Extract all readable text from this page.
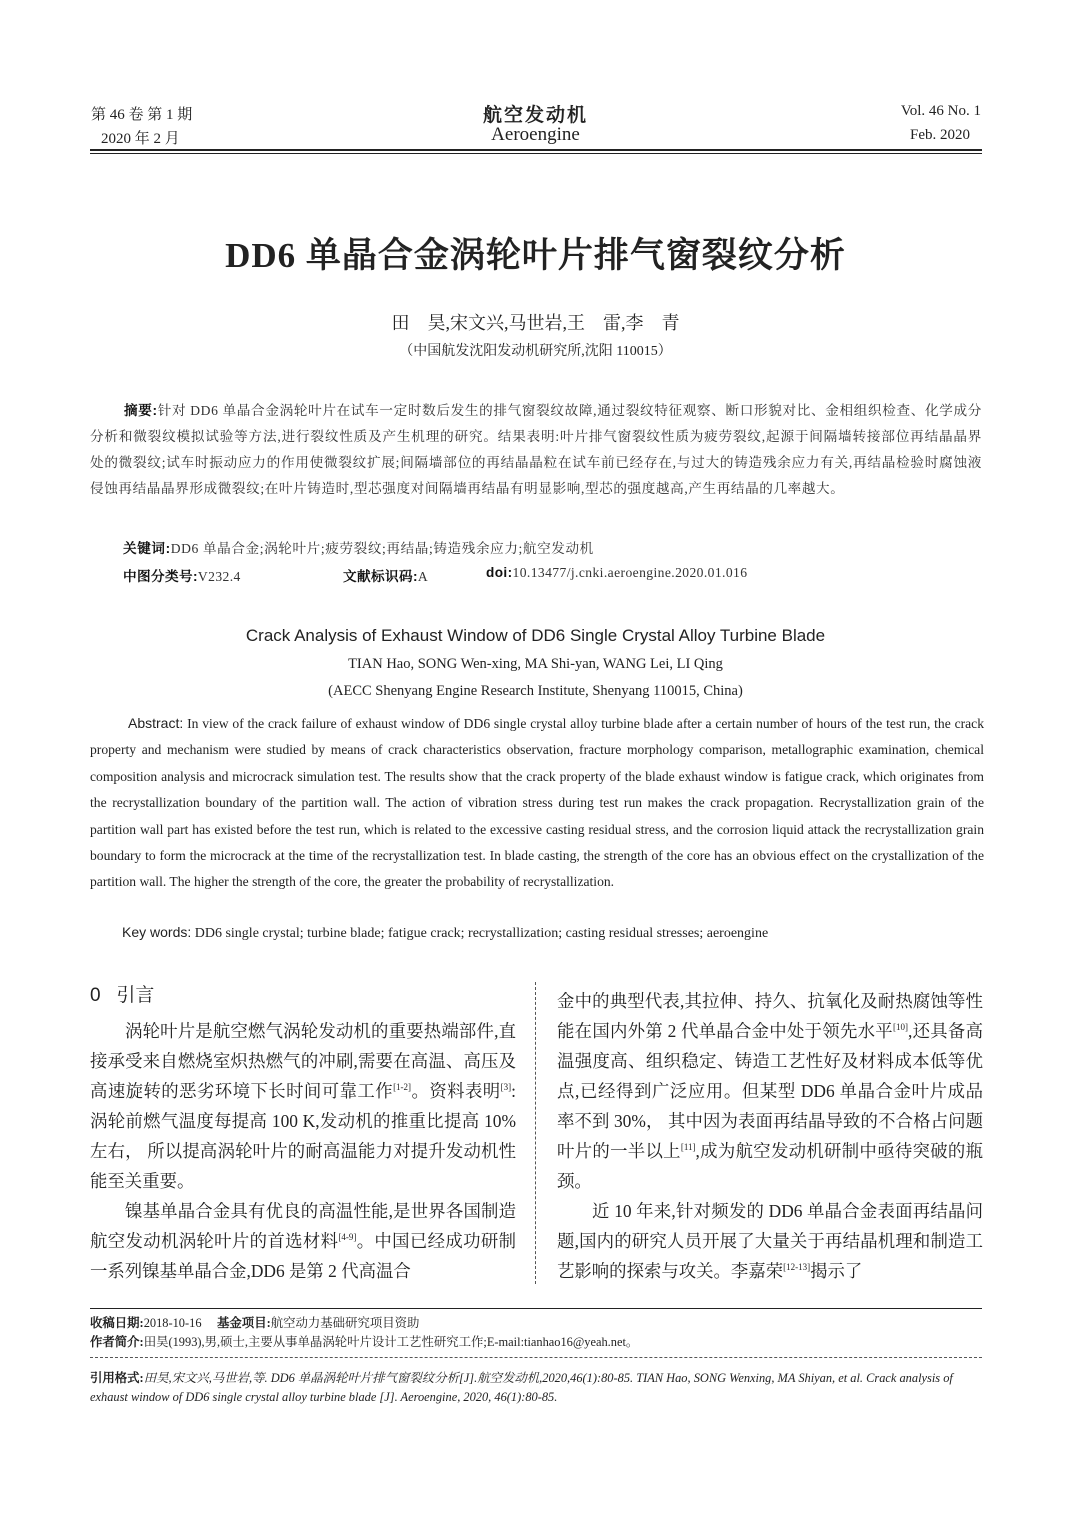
第 46 卷 第 1 期
2020 年 2 月
航空发动机
Aeroengine
Vol. 46 No. 1
Feb. 2020
DD6 单晶合金涡轮叶片排气窗裂纹分析
田　昊,宋文兴,马世岩,王　雷,李　青
（中国航发沈阳发动机研究所,沈阳 110015）
摘要:针对 DD6 单晶合金涡轮叶片在试车一定时数后发生的排气窗裂纹故障,通过裂纹特征观察、断口形貌对比、金相组织检查、化学成分分析和微裂纹模拟试验等方法,进行裂纹性质及产生机理的研究。结果表明:叶片排气窗裂纹性质为疲劳裂纹,起源于间隔墙转接部位再结晶晶界处的微裂纹;试车时振动应力的作用使微裂纹扩展;间隔墙部位的再结晶晶粒在试车前已经存在,与过大的铸造残余应力有关,再结晶检验时腐蚀液侵蚀再结晶晶界形成微裂纹;在叶片铸造时,型芯强度对间隔墙再结晶有明显影响,型芯的强度越高,产生再结晶的几率越大。
关键词:DD6 单晶合金;涡轮叶片;疲劳裂纹;再结晶;铸造残余应力;航空发动机
中图分类号:V232.4	文献标识码:A	doi:10.13477/j.cnki.aeroengine.2020.01.016
Crack Analysis of Exhaust Window of DD6 Single Crystal Alloy Turbine Blade
TIAN Hao, SONG Wen-xing, MA Shi-yan, WANG Lei, LI Qing
(AECC Shenyang Engine Research Institute, Shenyang 110015, China)
Abstract: In view of the crack failure of exhaust window of DD6 single crystal alloy turbine blade after a certain number of hours of the test run, the crack property and mechanism were studied by means of crack characteristics observation, fracture morphology comparison, metallographic examination, chemical composition analysis and microcrack simulation test. The results show that the crack property of the blade exhaust window is fatigue crack, which originates from the recrystallization boundary of the partition wall. The action of vibration stress during test run makes the crack propagation. Recrystallization grain of the partition wall part has existed before the test run, which is related to the excessive casting residual stress, and the corrosion liquid attack the recrystallization grain boundary to form the microcrack at the time of the recrystallization test. In blade casting, the strength of the core has an obvious effect on the crystallization of the partition wall. The higher the strength of the core, the greater the probability of recrystallization.
Key words: DD6 single crystal; turbine blade; fatigue crack; recrystallization; casting residual stresses; aeroengine
0 引言

涡轮叶片是航空燃气涡轮发动机的重要热端部件,直接承受来自燃烧室炽热燃气的冲刷,需要在高温、高压及高速旋转的恶劣环境下长时间可靠工作[1-2]。资料表明[3]:涡轮前燃气温度每提高 100 K,发动机的推重比提高 10%左右， 所以提高涡轮叶片的耐高温能力对提升发动机性能至关重要。

镍基单晶合金具有优良的高温性能,是世界各国制造航空发动机涡轮叶片的首选材料[4-9]。中国已经成功研制一系列镍基单晶合金,DD6 是第 2 代高温合

金中的典型代表,其拉伸、持久、抗氧化及耐热腐蚀等性能在国内外第 2 代单晶合金中处于领先水平[10],还具备高温强度高、组织稳定、铸造工艺性好及材料成本低等优点,已经得到广泛应用。但某型 DD6 单晶合金叶片成品率不到 30%， 其中因为表面再结晶导致的不合格占问题叶片的一半以上[11],成为航空发动机研制中亟待突破的瓶颈。

近 10 年来,针对频发的 DD6 单晶合金表面再结晶问题,国内的研究人员开展了大量关于再结晶机理和制造工艺影响的探索与攻关。李嘉荣[12-13]揭示了

收稿日期:2018-10-16 基金项目:航空动力基础研究项目资助
作者简介:田昊(1993),男,硕士,主要从事单晶涡轮叶片设计工艺性研究工作;E-mail:tianhao16@yeah.net。
引用格式:田昊,宋文兴,马世岩,等. DD6 单晶涡轮叶片排气窗裂纹分析[J].航空发动机,2020,46(1):80-85. TIAN Hao, SONG Wenxing, MA Shiyan, et al. Crack analysis of exhaust window of DD6 single crystal alloy turbine blade [J]. Aeroengine, 2020, 46(1):80-85.
